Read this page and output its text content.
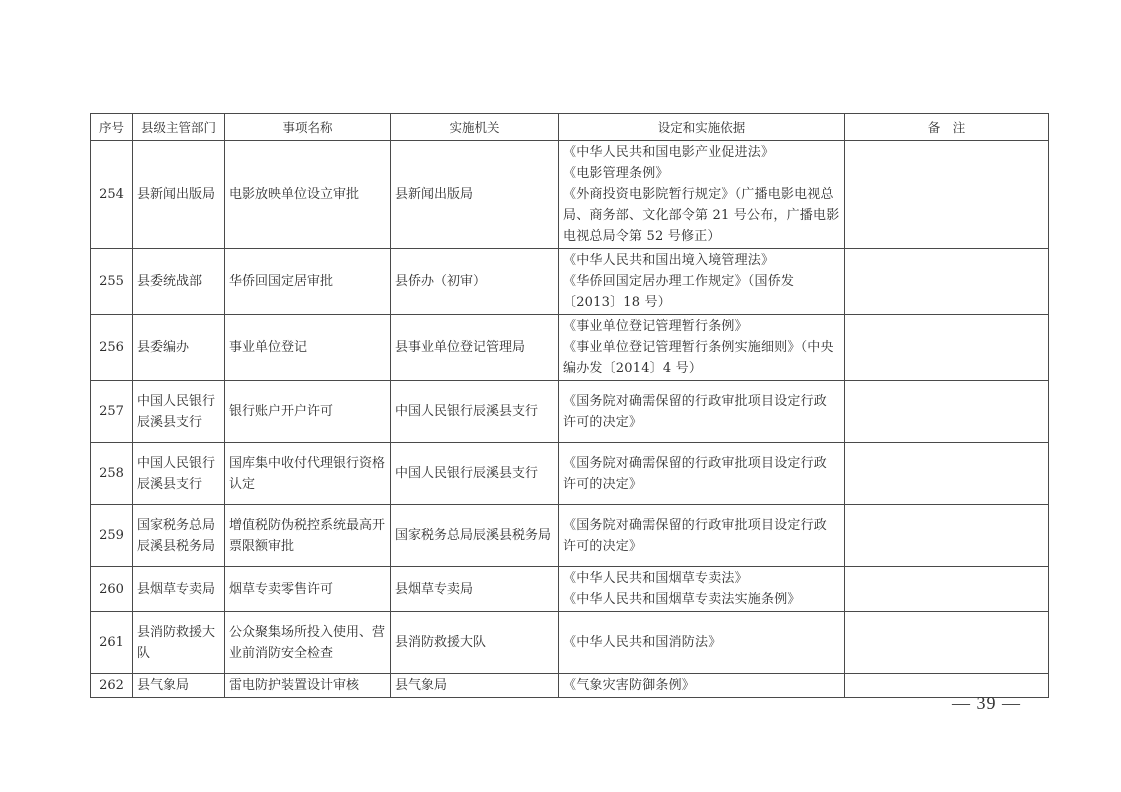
序号	县级主管部门	事项名称	实施机关	设定和实施依据	备　注
254	县新闻出版局	电影放映单位设立审批	县新闻出版局	《中华人民共和国电影产业促进法》
《电影管理条例》
《外商投资电影院暂行规定》（广播电影电视总局、商务部、文化部令第 21 号公布，广播电影电视总局令第 52 号修正）	
255	县委统战部	华侨回国定居审批	县侨办（初审）	《中华人民共和国出境入境管理法》
《华侨回国定居办理工作规定》（国侨发〔2013〕18 号）	
256	县委编办	事业单位登记	县事业单位登记管理局	《事业单位登记管理暂行条例》
《事业单位登记管理暂行条例实施细则》（中央编办发〔2014〕4 号）	
257	中国人民银行辰溪县支行	银行账户开户许可	中国人民银行辰溪县支行	《国务院对确需保留的行政审批项目设定行政许可的决定》	
258	中国人民银行辰溪县支行	国库集中收付代理银行资格认定	中国人民银行辰溪县支行	《国务院对确需保留的行政审批项目设定行政许可的决定》	
259	国家税务总局辰溪县税务局	增值税防伪税控系统最高开票限额审批	国家税务总局辰溪县税务局	《国务院对确需保留的行政审批项目设定行政许可的决定》	
260	县烟草专卖局	烟草专卖零售许可	县烟草专卖局	《中华人民共和国烟草专卖法》
《中华人民共和国烟草专卖法实施条例》	
261	县消防救援大队	公众聚集场所投入使用、营业前消防安全检查	县消防救援大队	《中华人民共和国消防法》	
262	县气象局	雷电防护装置设计审核	县气象局	《气象灾害防御条例》	
— 39 —
